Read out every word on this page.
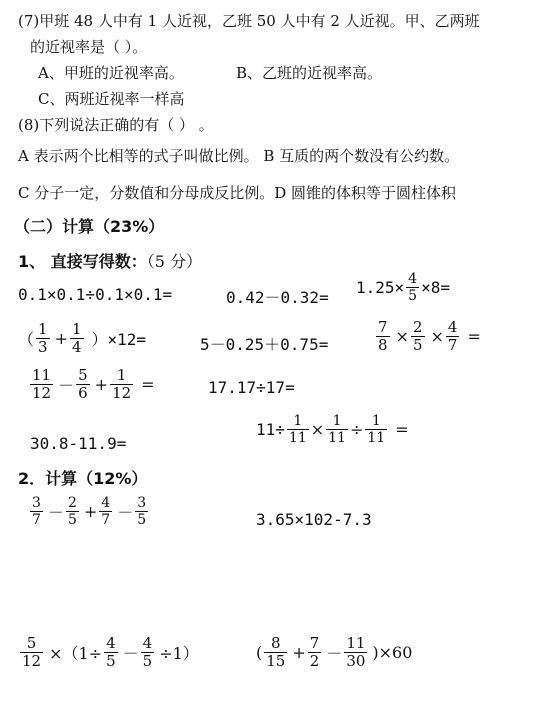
(7)甲班 48 人中有 1 人近视，乙班 50 人中有 2 人近视。甲、乙两班
的近视率是（ ）。
A、甲班的近视率高。	B、乙班的近视率高。
C、两班近视率一样高
(8)下列说法正确的有（ ） 。
A 表示两个比相等的式子叫做比例。 B 互质的两个数没有公约数。
C 分子一定，分数值和分母成反比例。D 圆锥的体积等于圆柱体积
（二）计算（23%）
1、 直接写得数：（5 分）
0.1×0.1÷0.1×0.1=	0.42－0.32=
$1.25\times \frac{4}{5} \times 8=$
（ $\frac{1}{3} + \frac{1}{4} )\times 12=$	5－0.25＋0.75=	$\frac{7}{8} \times \frac{2}{5} \times \frac{4}{7}$ =
$\frac{11}{12} - \frac{5}{6} + \frac{1}{12}$ =	17.17÷17=
30.8-11.9=
$11\div \frac{1}{11} \times \frac{1}{11} \div \frac{1}{11}$ =
2．计算（12%）
$\frac{3}{7} - \frac{2}{5} + \frac{4}{7} - \frac{3}{5}$	3.65×102-7.3
$\frac{5}{12} \times(1\div \frac{4}{5} - \frac{4}{5} \div 1)$	( $\frac{8}{15} + \frac{7}{2} - \frac{11}{30} )\times 60$
